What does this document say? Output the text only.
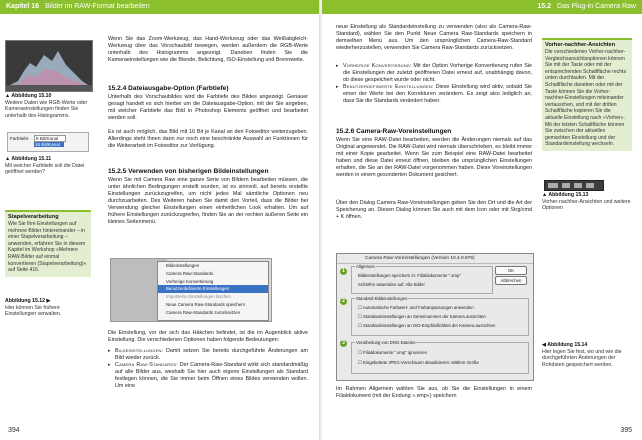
Kapitel 16 Bilder im RAW-Format bearbeiten
▲ Abbildung 15.10
Weitere Daten wie RGB-Werte oder Kameraeinstellungen finden Sie unterhalb des Histogramms.
Farbtiefe:	8 Bit/Kanal
16 Bit/Kanal
▲ Abbildung 15.11
Mit welcher Farbtiefe soll die Datei geöffnet werden?
Stapelverarbeitung
Wie Sie Ihre Einstellungen auf mehrere Bilder hintereinander – in einer Stapelverarbeitung – anwenden, erfahren Sie in diesem Kapitel im Workshop »Mehrere RAW-Bilder auf einmal konvertieren (Stapelverarbeitung)« auf Seite 416.
Abbildung 15.12 ▶
Hier können Sie frühere Einstellungen verwalten.
Wenn Sie das Zoom-Werkzeug, das Hand-Werkzeug oder das Weißabgleich-Werkzeug über das Vorschaubild bewegen, werden außerdem die RGB-Werte unterhalb des Histogramms angezeigt. Daneben finden Sie die Kameraeinstellungen wie die Blende, Belichtung, ISO-Einstellung und Brennweite.
15.2.4 Dateiausgabe-Option (Farbtiefe)
Unterhalb des Vorschaubildes wird die Farbtiefe des Bildes angezeigt. Genauer gesagt handelt es sich hierbei um die Dateiausgabe-Option, mit der Sie angeben, mit welcher Farbtiefe das Bild in Photoshop Elements geöffnet und bearbeitet werden soll.
Es ist auch möglich, das Bild mit 16 Bit je Kanal an den Fotoeditor weiterzugeben. Allerdings steht Ihnen dann nur noch eine beschränkte Auswahl an Funktionen für die Weiterarbeit im Fotoeditor zur Verfügung.
15.2.5 Verwenden von bisherigen Bildeinstellungen
Wenn Sie mit Camera Raw eine ganze Serie von Bildern bearbeiten müssen, die unter ähnlichen Bedingungen erstellt wurden, ist es sinnvoll, auf bereits erstellte Einstellungen zurückzugreifen, um nicht jedes Mal sämtliche Optionen neu durchzuarbeiten. Des Weiteren haben Sie damit den Vorteil, dass die Bilder bei Verwendung gleicher Einstellungen einen einheitlichen Look erhalten. Um auf frühere Einstellungen zurückzugreifen, finden Sie an der rechten äußeren Seite ein kleines Seitenmenü.
Bildeinstellungen
Camera Raw-Standards
Vorherige Konvertierung
Benutzerdefinierte Einstellungen
Importierte Einstellungen löschen
Neue Camera Raw-Standards speichern
Camera Raw-Standards zurücksetzen
Die Einstellung, vor der sich das Häkchen befindet, ist die im Augenblick aktive Einstellung. Die verschiedenen Optionen haben folgende Bedeutungen:
▸ Bildeinstellungen: Damit setzen Sie bereits durchgeführte Änderungen am Bild wieder zurück.
▸ Camera Raw-Standards: Der Camera-Raw-Standard wirkt sich standardmäßig auf alle Bilder aus, weshalb Sie hier auch eigene Einstellungen als Standard festlegen können, die Sie immer beim Öffnen eines Bildes verwenden wollen. Um eine
394
15.2 Das Plug-in Camera Raw
neue Einstellung als Standardeinstellung zu verwenden (also als Camera-Raw-Standard), wählen Sie den Punkt Neue Camera Raw-Standards speichern in demselben Menü aus. Um den ursprünglichen Camera-Raw-Standard wiederherzustellen, verwenden Sie Camera Raw-Standards zurücksetzen.
▸ Vorherige Konvertierung: Mit der Option Vorherige Konvertierung rufen Sie die Einstellungen der zuletzt geöffneten Datei erneut auf, unabhängig davon, ob diese gespeichert wurde oder nicht.
▸ Benutzerdefinierte Einstellungen: Diese Einstellung wird aktiv, sobald Sie einen der Werte bei den Korrekturen verändern. Es zeigt also lediglich an, dass Sie die Standards verändert haben.
15.2.6 Camera-Raw-Voreinstellungen
Wenn Sie eine RAW-Datei bearbeiten, werden die Änderungen niemals auf das Original angewendet. Die RAW-Datei wird niemals überschrieben, es bleibt immer mit einer Kopie gearbeitet. Wenn Sie zum Beispiel eine RAW-Datei bearbeitet haben und diese Datei erneut öffnen, bleiben die ursprünglichen Einstellungen erhalten, die Sie an der RAW-Datei vorgenommen haben. Diese Voreinstellungen werden in einem gesonderten Dokument gesichert.
Über den Dialog Camera Raw-Voreinstellungen geben Sie den Ort und die Art der Speicherung an. Diesen Dialog können Sie auch mit dem Icon oder mit Strg/cmd + K öffnen.
Camera Raw-Voreinstellungen (Version 10.4.0.976)
OK
Abbrechen
1
Allgemein
Bildeinstellungen speichern in: Filialdokumente ".xmp"
Schärfen anwenden auf: Alle Bilder
2	Standard-Bildeinstellungen
☐ Automatische Farbwert- und Farbanpassungen anwenden
☐ Standardeinstellungen an Seriennummer der Kamera ausrichten
☐ Standardeinstellungen an ISO-Empfindlichkeit der Kamera ausrichten
3	Verarbeitung von DNG-Dateien
☐ Filialdokumente ".xmp" ignorieren
☐ Eingebettete JPEG-Vorschauen aktualisieren: Mittlere Größe
Im Rahmen Allgemein wählen Sie aus, ob Sie die Einstellungen in einem Filialdokument (mit der Endung ».xmp«) speichern
Vorher-nachher-Ansichten
Die verschiedenen Vorher-nachher-Vergleichsansichtsoptionen können Sie mit der Taste oder mit der entsprechenden Schaltfläche rechts unten durchlaufen. Mit der Schaltfläche daneben oder mit der Taste können Sie die Vorher-nachher-Einstellungen miteinander vertauschen, und mit der dritten Schaltfläche kopieren Sie die aktuelle Einstellung nach »Vorher«. Mit der letzten Schaltfläche können Sie zwischen der aktuellen gemachten Einstellung und der Standardeinstellung wechseln.
▲ Abbildung 15.13
Vorher-nachher-Ansichten und weitere Optionen
◀ Abbildung 15.14
Hier legen Sie fest, wo und wie die durchgeführten Änderungen der Rohdaten gespeichert werden.
395
